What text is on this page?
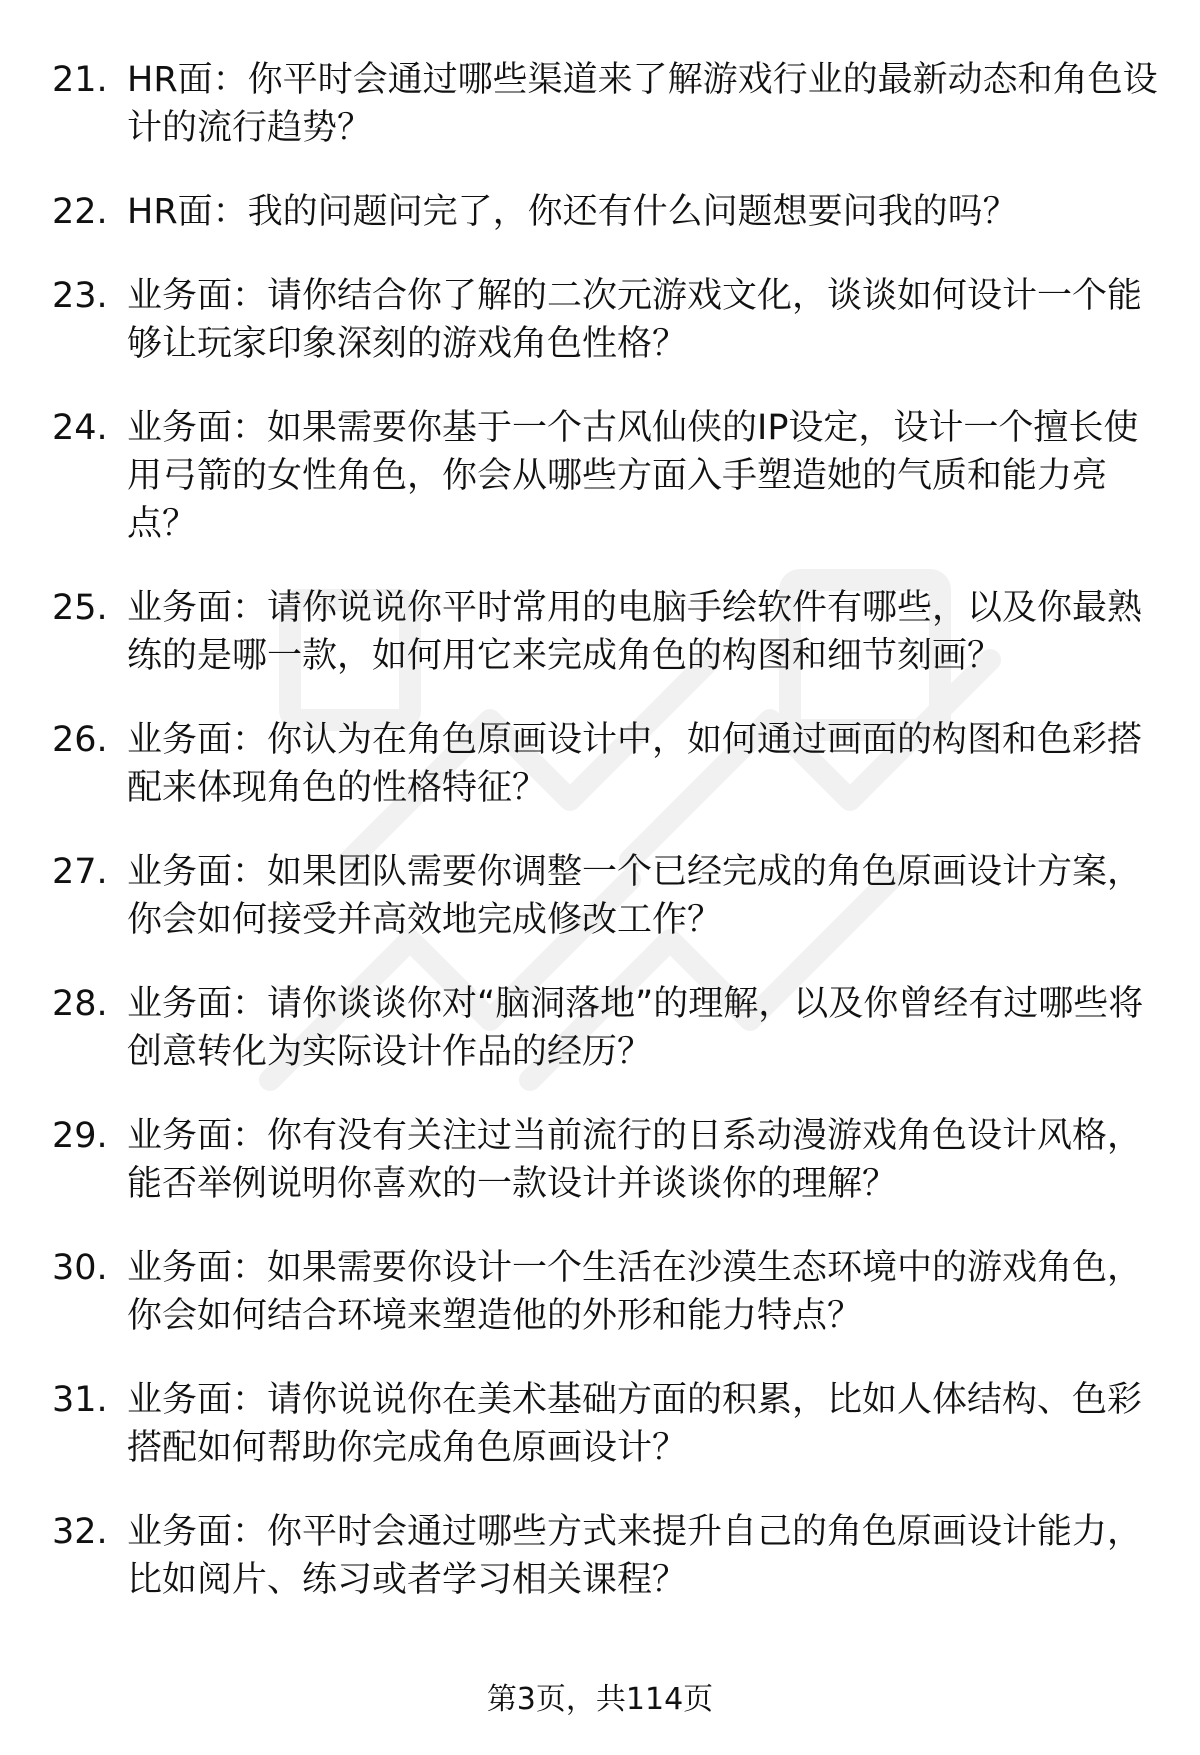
21. HR面：你平时会通过哪些渠道来了解游戏行业的最新动态和角色设计的流行趋势？
22. HR面：我的问题问完了，你还有什么问题想要问我的吗？
23. 业务面：请你结合你了解的二次元游戏文化，谈谈如何设计一个能够让玩家印象深刻的游戏角色性格？
24. 业务面：如果需要你基于一个古风仙侠的IP设定，设计一个擅长使用弓箭的女性角色，你会从哪些方面入手塑造她的气质和能力亮点？
25. 业务面：请你说说你平时常用的电脑手绘软件有哪些，以及你最熟练的是哪一款，如何用它来完成角色的构图和细节刻画？
26. 业务面：你认为在角色原画设计中，如何通过画面的构图和色彩搭配来体现角色的性格特征？
27. 业务面：如果团队需要你调整一个已经完成的角色原画设计方案，你会如何接受并高效地完成修改工作？
28. 业务面：请你谈谈你对“脑洞落地”的理解，以及你曾经有过哪些将创意转化为实际设计作品的经历？
29. 业务面：你有没有关注过当前流行的日系动漫游戏角色设计风格，能否举例说明你喜欢的一款设计并谈谈你的理解？
30. 业务面：如果需要你设计一个生活在沙漠生态环境中的游戏角色，你会如何结合环境来塑造他的外形和能力特点？
31. 业务面：请你说说你在美术基础方面的积累，比如人体结构、色彩搭配如何帮助你完成角色原画设计？
32. 业务面：你平时会通过哪些方式来提升自己的角色原画设计能力，比如阅片、练习或者学习相关课程？
第3页，共114页
